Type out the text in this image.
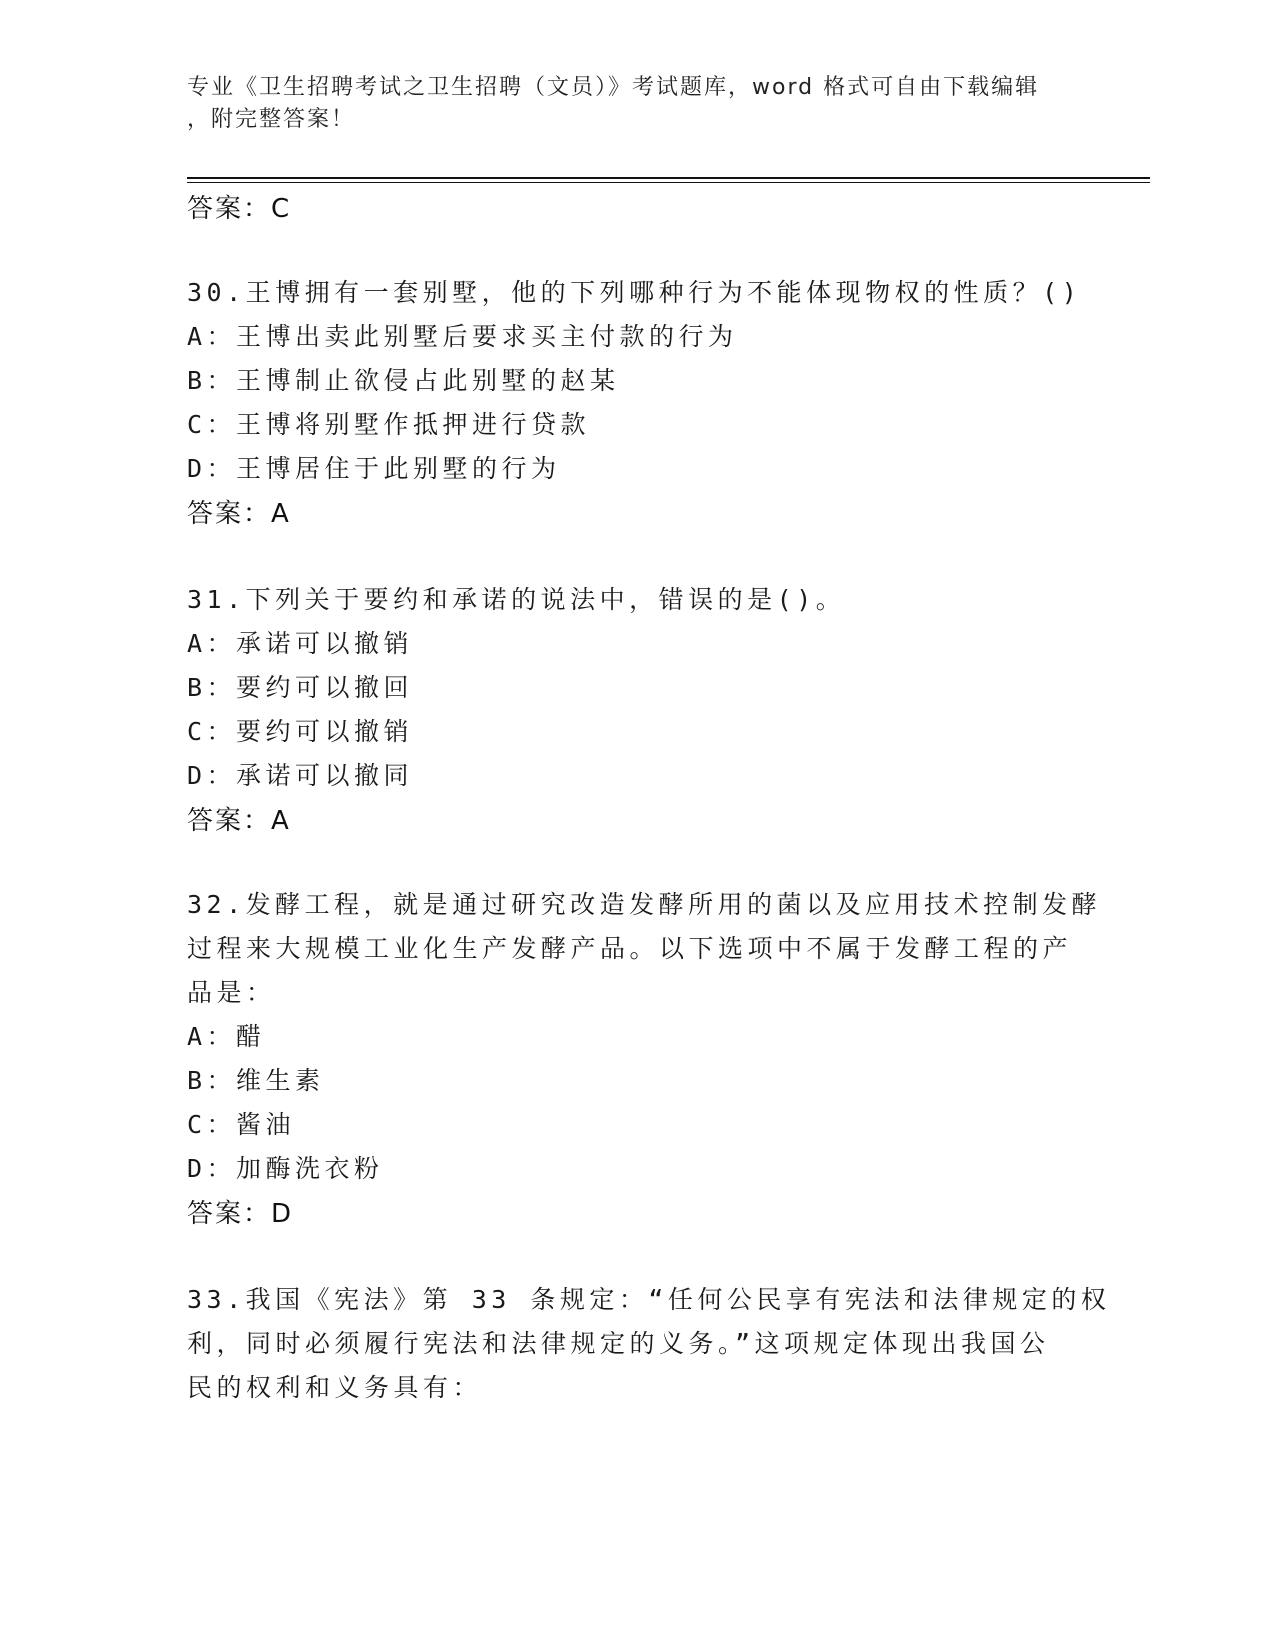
专业《卫生招聘考试之卫生招聘（文员）》考试题库，word 格式可自由下载编辑
，附完整答案！
答案：C
30.王博拥有一套别墅，他的下列哪种行为不能体现物权的性质？()
A：王博出卖此别墅后要求买主付款的行为
B：王博制止欲侵占此别墅的赵某
C：王博将别墅作抵押进行贷款
D：王博居住于此别墅的行为
答案：A
31.下列关于要约和承诺的说法中，错误的是()。
A：承诺可以撤销
B：要约可以撤回
C：要约可以撤销
D：承诺可以撤同
答案：A
32.发酵工程，就是通过研究改造发酵所用的菌以及应用技术控制发酵
过程来大规模工业化生产发酵产品。以下选项中不属于发酵工程的产
品是：
A：醋
B：维生素
C：酱油
D：加酶洗衣粉
答案：D
33.我国《宪法》第 33 条规定：“任何公民享有宪法和法律规定的权
利，同时必须履行宪法和法律规定的义务。”这项规定体现出我国公
民的权利和义务具有：
